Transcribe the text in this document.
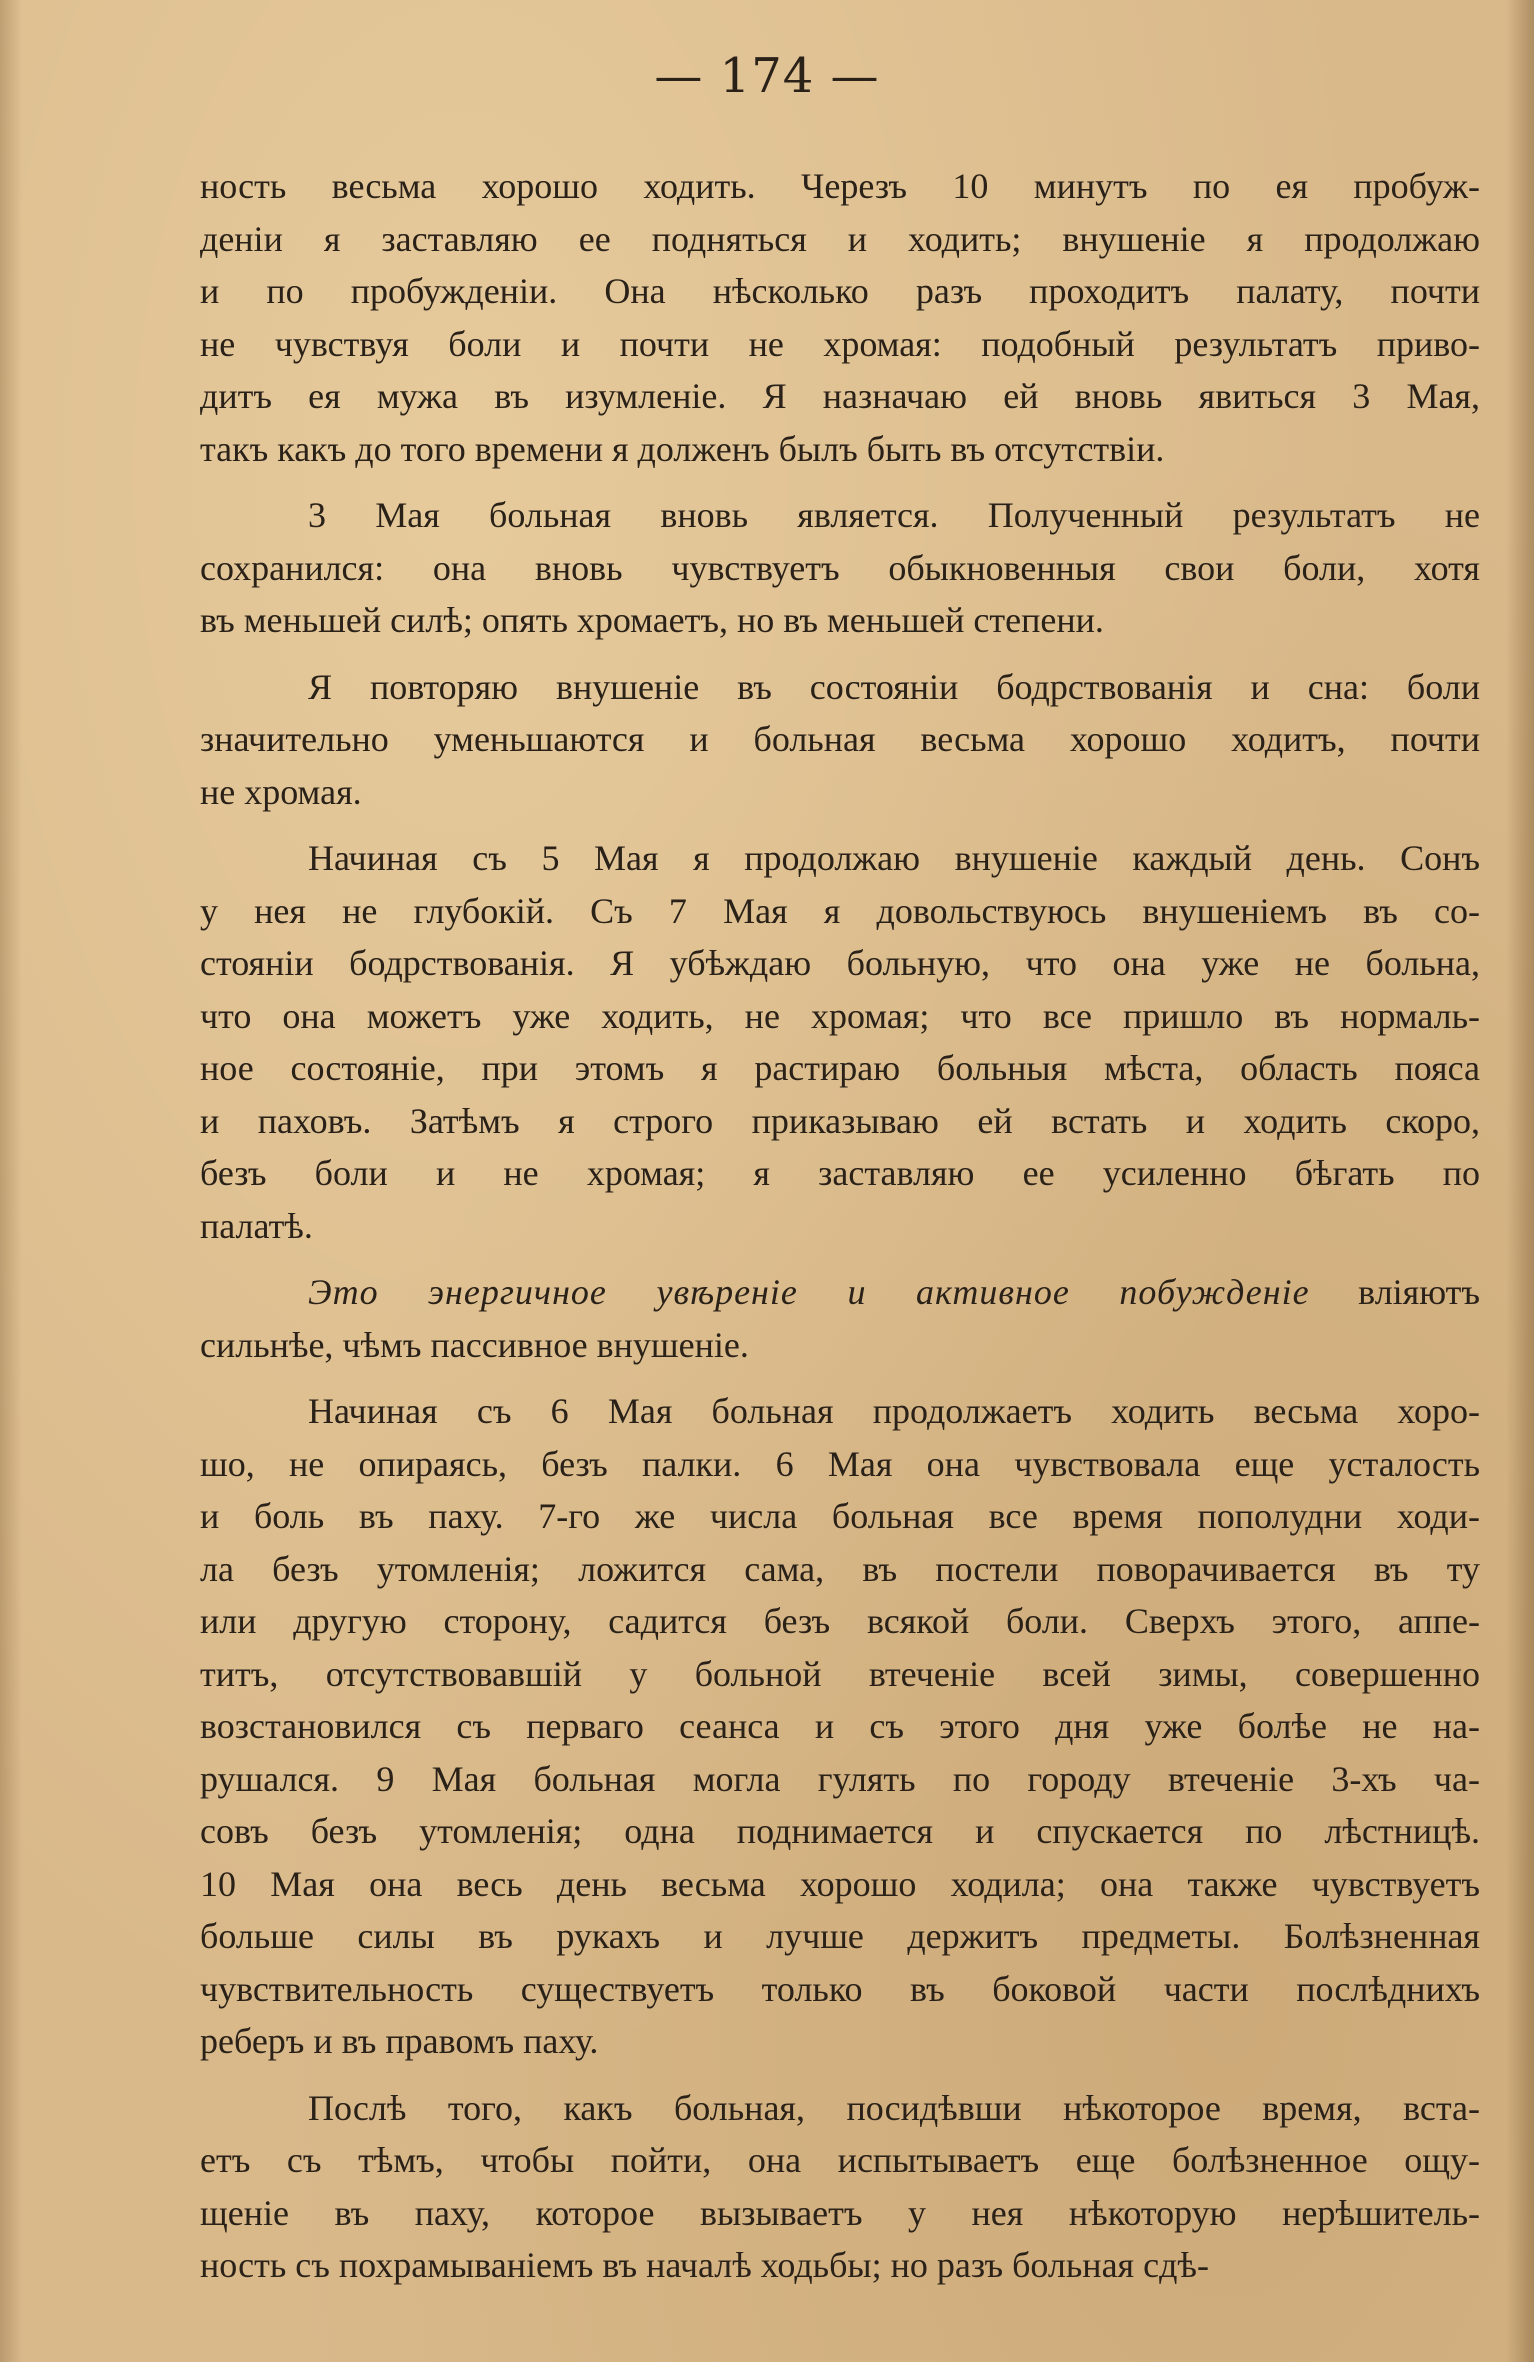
— 174 —
ность весьма хорошо ходить. Черезъ 10 минутъ по ея пробуж-
деніи я заставляю ее подняться и ходить; внушеніе я продолжаю
и по пробужденіи. Она нѣсколько разъ проходитъ палату, почти
не чувствуя боли и почти не хромая: подобный результатъ приво-
дитъ ея мужа въ изумленіе. Я назначаю ей вновь явиться 3 Мая,
такъ какъ до того времени я долженъ былъ быть въ отсутствіи.
3 Мая больная вновь является. Полученный результатъ не
сохранился: она вновь чувствуетъ обыкновенныя свои боли, хотя
въ меньшей силѣ; опять хромаетъ, но въ меньшей степени.
Я повторяю внушеніе въ состояніи бодрствованія и сна: боли
значительно уменьшаются и больная весьма хорошо ходитъ, почти
не хромая.
Начиная съ 5 Мая я продолжаю внушеніе каждый день. Сонъ
у нея не глубокій. Съ 7 Мая я довольствуюсь внушеніемъ въ со-
стояніи бодрствованія. Я убѣждаю больную, что она уже не больна,
что она можетъ уже ходить, не хромая; что все пришло въ нормаль-
ное состояніе, при этомъ я растираю больныя мѣста, область пояса
и паховъ. Затѣмъ я строго приказываю ей встать и ходить скоро,
безъ боли и не хромая; я заставляю ее усиленно бѣгать по
палатѣ.
Это энергичное увѣреніе и активное побужденіе вліяютъ
сильнѣе, чѣмъ пассивное внушеніе.
Начиная съ 6 Мая больная продолжаетъ ходить весьма хоро-
шо, не опираясь, безъ палки. 6 Мая она чувствовала еще усталость
и боль въ паху. 7-го же числа больная все время пополудни ходи-
ла безъ утомленія; ложится сама, въ постели поворачивается въ ту
или другую сторону, садится безъ всякой боли. Сверхъ этого, аппе-
титъ, отсутствовавшій у больной втеченіе всей зимы, совершенно
возстановился съ перваго сеанса и съ этого дня уже болѣе не на-
рушался. 9 Мая больная могла гулять по городу втеченіе 3-хъ ча-
совъ безъ утомленія; одна поднимается и спускается по лѣстницѣ.
10 Мая она весь день весьма хорошо ходила; она также чувствуетъ
больше силы въ рукахъ и лучше держитъ предметы. Болѣзненная
чувствительность существуетъ только въ боковой части послѣднихъ
реберъ и въ правомъ паху.
Послѣ того, какъ больная, посидѣвши нѣкоторое время, вста-
етъ съ тѣмъ, чтобы пойти, она испытываетъ еще болѣзненное ощу-
щеніе въ паху, которое вызываетъ у нея нѣкоторую нерѣшитель-
ность съ похрамываніемъ въ началѣ ходьбы; но разъ больная сдѣ-
